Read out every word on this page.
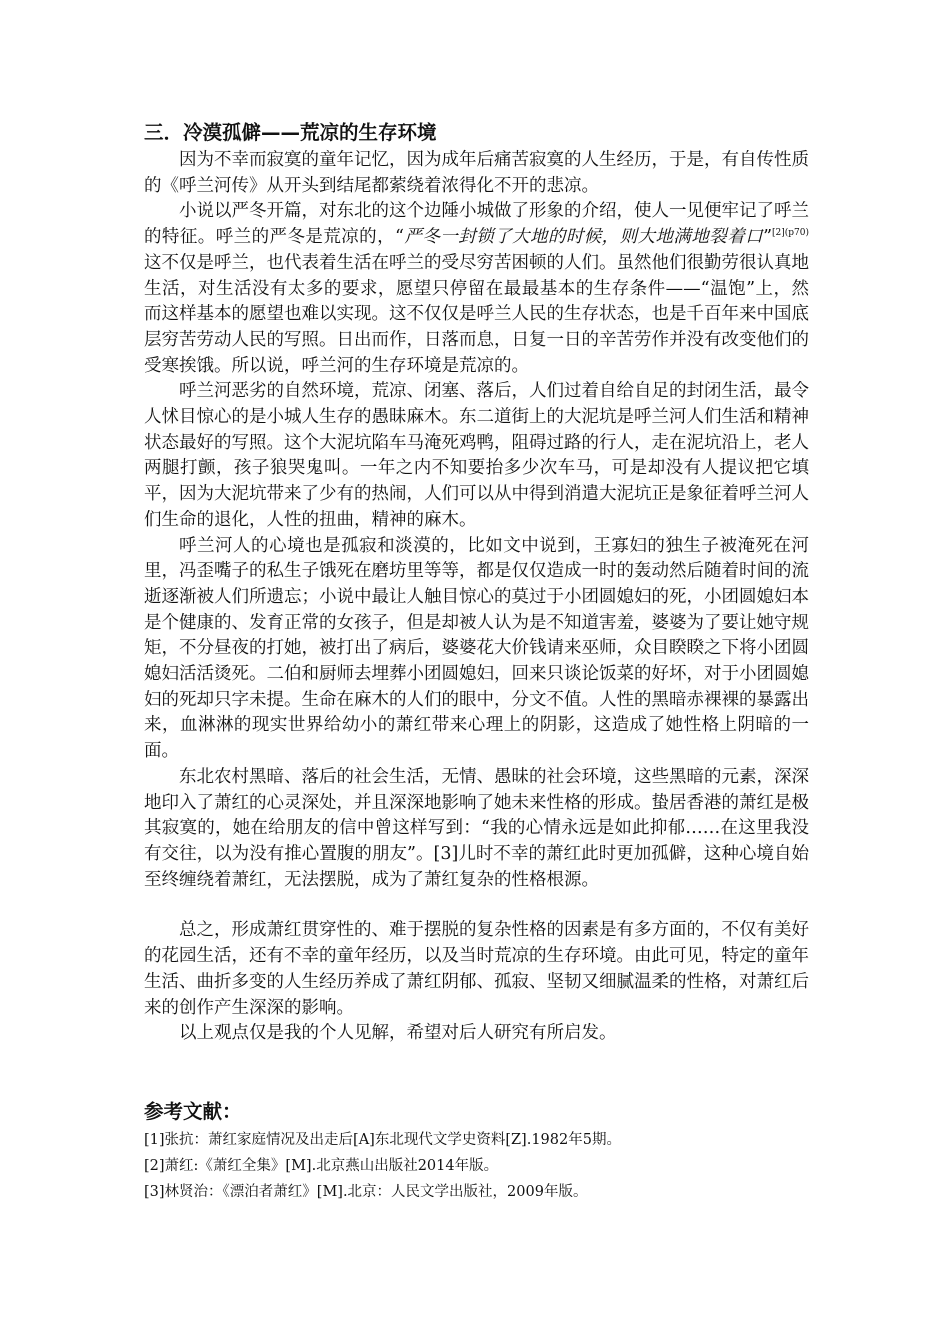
三．冷漠孤僻——荒凉的生存环境

因为不幸而寂寞的童年记忆，因为成年后痛苦寂寞的人生经历，于是，有自传性质的《呼兰河传》从开头到结尾都萦绕着浓得化不开的悲凉。

小说以严冬开篇，对东北的这个边陲小城做了形象的介绍，使人一见便牢记了呼兰的特征。呼兰的严冬是荒凉的，“严冬一封锁了大地的时候，则大地满地裂着口”$^{[2](p70)}$这不仅是呼兰，也代表着生活在呼兰的受尽穷苦困顿的人们。虽然他们很勤劳很认真地生活，对生活没有太多的要求，愿望只停留在最最基本的生存条件——“温饱”上，然而这样基本的愿望也难以实现。这不仅仅是呼兰人民的生存状态，也是千百年来中国底层穷苦劳动人民的写照。日出而作，日落而息，日复一日的辛苦劳作并没有改变他们的受寒挨饿。所以说，呼兰河的生存环境是荒凉的。

呼兰河恶劣的自然环境，荒凉、闭塞、落后，人们过着自给自足的封闭生活，最令人怵目惊心的是小城人生存的愚昧麻木。东二道街上的大泥坑是呼兰河人们生活和精神状态最好的写照。这个大泥坑陷车马淹死鸡鸭，阻碍过路的行人，走在泥坑沿上，老人两腿打颤，孩子狼哭鬼叫。一年之内不知要抬多少次车马，可是却没有人提议把它填平，因为大泥坑带来了少有的热闹，人们可以从中得到消遣大泥坑正是象征着呼兰河人们生命的退化，人性的扭曲，精神的麻木。

呼兰河人的心境也是孤寂和淡漠的，比如文中说到，王寡妇的独生子被淹死在河里，冯歪嘴子的私生子饿死在磨坊里等等，都是仅仅造成一时的轰动然后随着时间的流逝逐渐被人们所遗忘；小说中最让人触目惊心的莫过于小团圆媳妇的死，小团圆媳妇本是个健康的、发育正常的女孩子，但是却被人认为是不知道害羞，婆婆为了要让她守规矩，不分昼夜的打她，被打出了病后，婆婆花大价钱请来巫师，众目睽睽之下将小团圆媳妇活活烫死。二伯和厨师去埋葬小团圆媳妇，回来只谈论饭菜的好坏，对于小团圆媳妇的死却只字未提。生命在麻木的人们的眼中，分文不值。人性的黑暗赤裸裸的暴露出来，血淋淋的现实世界给幼小的萧红带来心理上的阴影，这造成了她性格上阴暗的一面。

东北农村黑暗、落后的社会生活，无情、愚昧的社会环境，这些黑暗的元素，深深地印入了萧红的心灵深处，并且深深地影响了她未来性格的形成。蛰居香港的萧红是极其寂寞的，她在给朋友的信中曾这样写到：“我的心情永远是如此抑郁……在这里我没有交往，以为没有推心置腹的朋友”。[3]儿时不幸的萧红此时更加孤僻，这种心境自始至终缠绕着萧红，无法摆脱，成为了萧红复杂的性格根源。

总之，形成萧红贯穿性的、难于摆脱的复杂性格的因素是有多方面的，不仅有美好的花园生活，还有不幸的童年经历，以及当时荒凉的生存环境。由此可见，特定的童年生活、曲折多变的人生经历养成了萧红阴郁、孤寂、坚韧又细腻温柔的性格，对萧红后来的创作产生深深的影响。

以上观点仅是我的个人见解，希望对后人研究有所启发。

参考文献：

[1]张抗：萧红家庭情况及出走后[A]东北现代文学史资料[Z].1982年5期。

[2]萧红:《萧红全集》[M].北京燕山出版社2014年版。

[3]林贤治：《漂泊者萧红》[M].北京：人民文学出版社，2009年版。
